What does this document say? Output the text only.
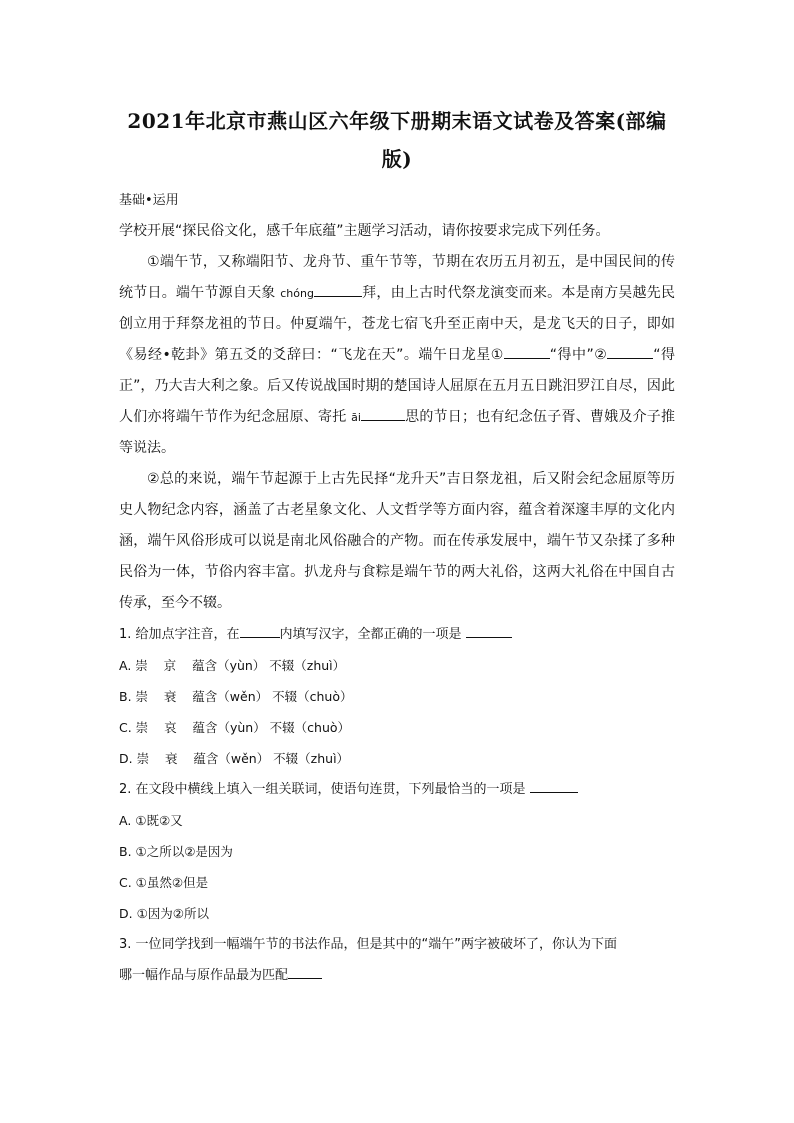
2021年北京市燕山区六年级下册期末语文试卷及答案(部编
版)
基础•运用

学校开展“探民俗文化，感千年底蕴”主题学习活动，请你按要求完成下列任务。

①端午节，又称端阳节、龙舟节、重午节等，节期在农历五月初五，是中国民间的传统节日。端午节源自天象 chóng	拜，由上古时代祭龙演变而来。本是南方吴越先民创立用于拜祭龙祖的节日。仲夏端午，苍龙七宿飞升至正南中天，是龙飞天的日子，即如《易经•乾卦》第五爻的爻辞曰：“飞龙在天”。端午日龙星①	“得中”②	“得正”，乃大吉大利之象。后又传说战国时期的楚国诗人屈原在五月五日跳汨罗江自尽，因此人们亦将端午节作为纪念屈原、寄托 āi	思的节日；也有纪念伍子胥、曹娥及介子推等说法。

②总的来说，端午节起源于上古先民择“龙升天”吉日祭龙祖，后又附会纪念屈原等历史人物纪念内容，涵盖了古老星象文化、人文哲学等方面内容，蕴含着深邃丰厚的文化内涵，端午风俗形成可以说是南北风俗融合的产物。而在传承发展中，端午节又杂揉了多种民俗为一体，节俗内容丰富。扒龙舟与食粽是端午节的两大礼俗，这两大礼俗在中国自古传承，至今不辍。

1. 给加点字注音，在	内填写汉字，全都正确的一项是

A. 崇    京    蕴含（yùn） 不辍（zhuì）

B. 崇    衰    蕴含（wěn） 不辍（chuò）

C. 崇    哀    蕴含（yùn） 不辍（chuò）

D. 崇    衰    蕴含（wěn） 不辍（zhuì）

2. 在文段中横线上填入一组关联词，使语句连贯，下列最恰当的一项是

A. ①既②又

B. ①之所以②是因为

C. ①虽然②但是

D. ①因为②所以

3. 一位同学找到一幅端午节的书法作品，但是其中的“端午”两字被破坏了，你认为下面
哪一幅作品与原作品最为匹配
